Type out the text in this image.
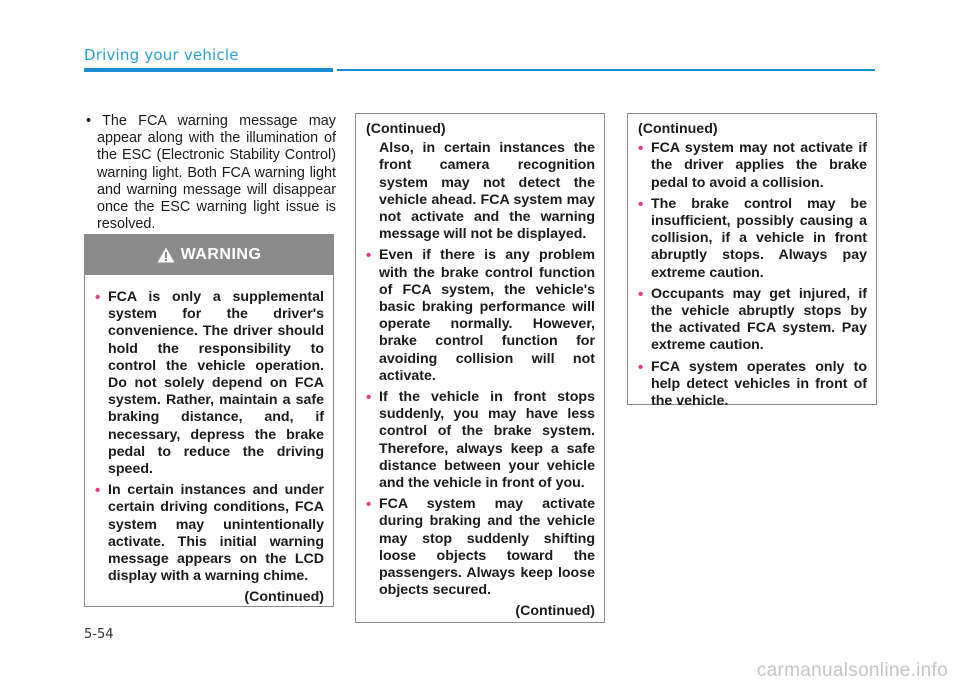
Driving your vehicle
• The FCA warning message may appear along with the illumination of the ESC (Electronic Stability Control) warning light. Both FCA warning light and warning message will disappear once the ESC warning light issue is resolved.
WARNING
• FCA is only a supplemental system for the driver's convenience. The driver should hold the responsibility to control the vehicle operation. Do not solely depend on FCA system. Rather, maintain a safe braking distance, and, if necessary, depress the brake pedal to reduce the driving speed.
• In certain instances and under certain driving conditions, FCA system may unintentionally activate. This initial warning message appears on the LCD display with a warning chime.
(Continued)
(Continued)
Also, in certain instances the front camera recognition system may not detect the vehicle ahead. FCA system may not activate and the warning message will not be displayed.
• Even if there is any problem with the brake control function of FCA system, the vehicle's basic braking performance will operate normally. However, brake control function for avoiding collision will not activate.
• If the vehicle in front stops suddenly, you may have less control of the brake system. Therefore, always keep a safe distance between your vehicle and the vehicle in front of you.
• FCA system may activate during braking and the vehicle may stop suddenly shifting loose objects toward the passengers. Always keep loose objects secured.
(Continued)
(Continued)
• FCA system may not activate if the driver applies the brake pedal to avoid a collision.
• The brake control may be insufficient, possibly causing a collision, if a vehicle in front abruptly stops. Always pay extreme caution.
• Occupants may get injured, if the vehicle abruptly stops by the activated FCA system. Pay extreme caution.
• FCA system operates only to help detect vehicles in front of the vehicle.
5-54
carmanualsonline.info
